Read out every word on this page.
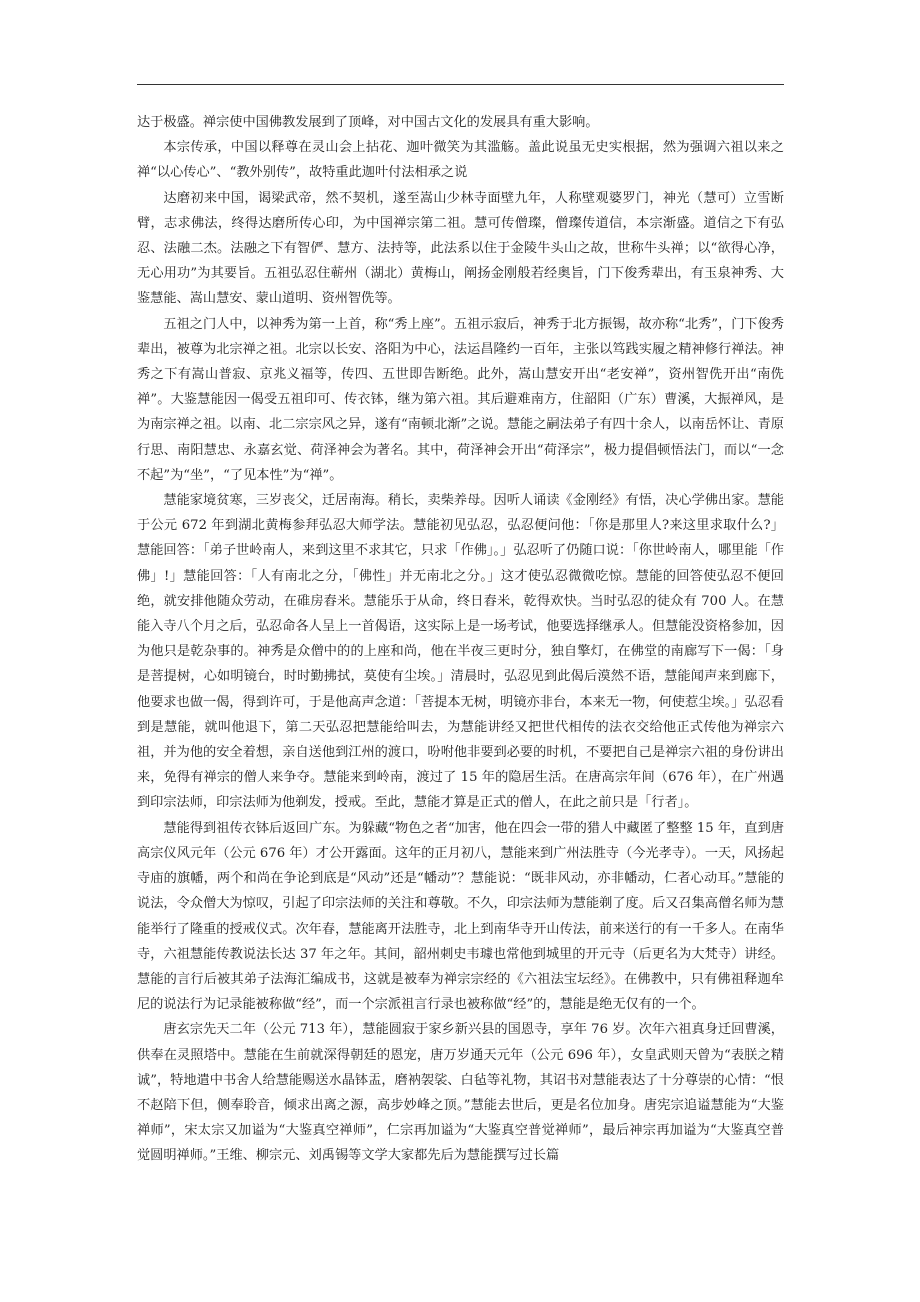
达于极盛。禅宗使中国佛教发展到了顶峰，对中国古文化的发展具有重大影响。

本宗传承，中国以释尊在灵山会上拈花、迦叶微笑为其滥觞。盖此说虽无史实根据，然为强调六祖以来之禅“以心传心”、“教外别传”，故特重此迦叶付法相承之说

达磨初来中国，谒梁武帝，然不契机，遂至嵩山少林寺面壁九年，人称壁观婆罗门，神光（慧可）立雪断臂，志求佛法，终得达磨所传心印，为中国禅宗第二祖。慧可传僧璨，僧璨传道信，本宗渐盛。道信之下有弘忍、法融二杰。法融之下有智俨、慧方、法持等，此法系以住于金陵牛头山之故，世称牛头禅；以“欲得心净，无心用功”为其要旨。五祖弘忍住蕲州（湖北）黄梅山，阐扬金刚般若经奥旨，门下俊秀辈出，有玉泉神秀、大鉴慧能、嵩山慧安、蒙山道明、资州智侁等。

五祖之门人中，以神秀为第一上首，称“秀上座”。五祖示寂后，神秀于北方振锡，故亦称“北秀”，门下俊秀辈出，被尊为北宗禅之祖。北宗以长安、洛阳为中心，法运昌隆约一百年，主张以笃践实履之精神修行禅法。神秀之下有嵩山普寂、京兆义福等，传四、五世即告断绝。此外，嵩山慧安开出“老安禅”，资州智侁开出“南侁禅”。大鉴慧能因一偈受五祖印可、传衣钵，继为第六祖。其后避难南方，住韶阳（广东）曹溪，大振禅风，是为南宗禅之祖。以南、北二宗宗风之异，遂有“南顿北渐”之说。慧能之嗣法弟子有四十余人，以南岳怀让、青原行思、南阳慧忠、永嘉玄觉、荷泽神会为著名。其中，荷泽神会开出“荷泽宗”，极力提倡顿悟法门，而以“一念不起”为“坐”，“了见本性”为“禅”。

慧能家境贫寒，三岁丧父，迁居南海。稍长，卖柴养母。因听人诵读《金刚经》有悟，决心学佛出家。慧能于公元 672 年到湖北黄梅参拜弘忍大师学法。慧能初见弘忍，弘忍便问他：「你是那里人?来这里求取什么?」慧能回答：「弟子世岭南人，来到这里不求其它，只求「作佛」。」弘忍听了仍随口说：「你世岭南人，哪里能「作佛」!」慧能回答：「人有南北之分，「佛性」并无南北之分。」这才使弘忍微微吃惊。慧能的回答使弘忍不便回绝，就安排他随众劳动，在碓房舂米。慧能乐于从命，终日舂米，乾得欢快。当时弘忍的徒众有 700 人。在慧能入寺八个月之后，弘忍命各人呈上一首偈语，这实际上是一场考试，他要选择继承人。但慧能没资格参加，因为他只是乾杂事的。神秀是众僧中的的上座和尚，他在半夜三更时分，独自擎灯，在佛堂的南廊写下一偈：「身是菩提树，心如明镜台，时时勤拂拭，莫使有尘埃。」清晨时，弘忍见到此偈后漠然不语，慧能闻声来到廊下，他要求也做一偈，得到许可，于是他高声念道：「菩提本无树，明镜亦非台，本来无一物，何使惹尘埃。」弘忍看到是慧能，就叫他退下，第二天弘忍把慧能给叫去，为慧能讲经又把世代相传的法衣交给他正式传他为禅宗六祖，并为他的安全着想，亲自送他到江州的渡口，吩咐他非要到必要的时机，不要把自己是禅宗六祖的身份讲出来，免得有禅宗的僧人来争夺。慧能来到岭南，渡过了 15 年的隐居生活。在唐高宗年间（676 年），在广州遇到印宗法师，印宗法师为他剃发，授戒。至此，慧能才算是正式的僧人，在此之前只是「行者」。

慧能得到祖传衣钵后返回广东。为躲藏“物色之者“加害，他在四会一带的猎人中藏匿了整整 15 年，直到唐高宗仪风元年（公元 676 年）才公开露面。这年的正月初八，慧能来到广州法胜寺（今光孝寺）。一天，风扬起寺庙的旗幡，两个和尚在争论到底是“风动”还是“幡动”？慧能说：“既非风动，亦非幡动，仁者心动耳。”慧能的说法，令众僧大为惊叹，引起了印宗法师的关注和尊敬。不久，印宗法师为慧能剃了度。后又召集高僧名师为慧能举行了隆重的授戒仪式。次年春，慧能离开法胜寺，北上到南华寺开山传法，前来送行的有一千多人。在南华寺，六祖慧能传教说法长达 37 年之年。其间，韶州刺史韦璩也常他到城里的开元寺（后更名为大梵寺）讲经。慧能的言行后被其弟子法海汇编成书，这就是被奉为禅宗宗经的《六祖法宝坛经》。在佛教中，只有佛祖释迦牟尼的说法行为记录能被称做“经”，而一个宗派祖言行录也被称做“经”的，慧能是绝无仅有的一个。

唐玄宗先天二年（公元 713 年），慧能圆寂于家乡新兴县的国恩寺，享年 76 岁。次年六祖真身迁回曹溪，供奉在灵照塔中。慧能在生前就深得朝廷的恩宠，唐万岁通天元年（公元 696 年），女皇武则天曾为“表朕之精诚”，特地遣中书舍人给慧能赐送水晶钵盂，磨衲袈裟、白毡等礼物，其诏书对慧能表达了十分尊崇的心情：“恨不赵陪下但，侧奉聆音，倾求出离之源，高步妙峰之顶。”慧能去世后，更是名位加身。唐宪宗追谥慧能为“大鉴禅师”，宋太宗又加谥为“大鉴真空禅师”，仁宗再加谥为“大鉴真空普觉禅师”，最后神宗再加谥为“大鉴真空普觉圆明禅师。”王维、柳宗元、刘禹锡等文学大家都先后为慧能撰写过长篇
